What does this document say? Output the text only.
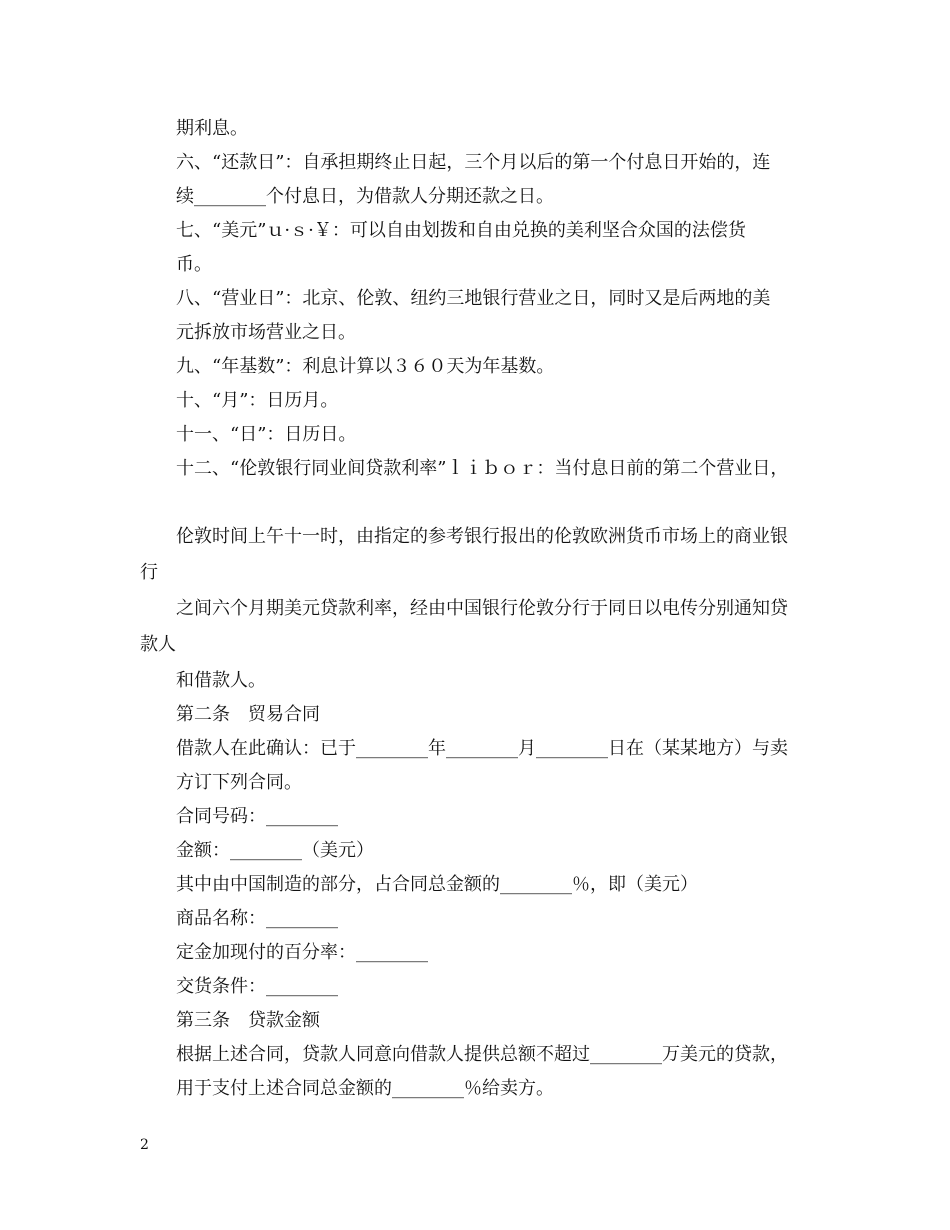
期利息。
六、“还款日”：自承担期终止日起，三个月以后的第一个付息日开始的，连
续________个付息日，为借款人分期还款之日。
七、“美元”ｕ·ｓ·￥：可以自由划拨和自由兑换的美利坚合众国的法偿货
币。
八、“营业日”：北京、伦敦、纽约三地银行营业之日，同时又是后两地的美
元拆放市场营业之日。
九、“年基数”：利息计算以３６０天为年基数。
十、“月”：日历月。
十一、“日”：日历日。
十二、“伦敦银行同业间贷款利率”ｌｉｂｏｒ：当付息日前的第二个营业日，
伦敦时间上午十一时，由指定的参考银行报出的伦敦欧洲货币市场上的商业银
行
之间六个月期美元贷款利率，经由中国银行伦敦分行于同日以电传分别通知贷
款人
和借款人。
第二条　贸易合同
借款人在此确认：已于________年________月________日在（某某地方）与卖
方订下列合同。
合同号码：________
金额：________（美元）
其中由中国制造的部分，占合同总金额的________％，即（美元）
商品名称：________
定金加现付的百分率：________
交货条件：________
第三条　贷款金额
根据上述合同，贷款人同意向借款人提供总额不超过________万美元的贷款，
用于支付上述合同总金额的________％给卖方。
2
